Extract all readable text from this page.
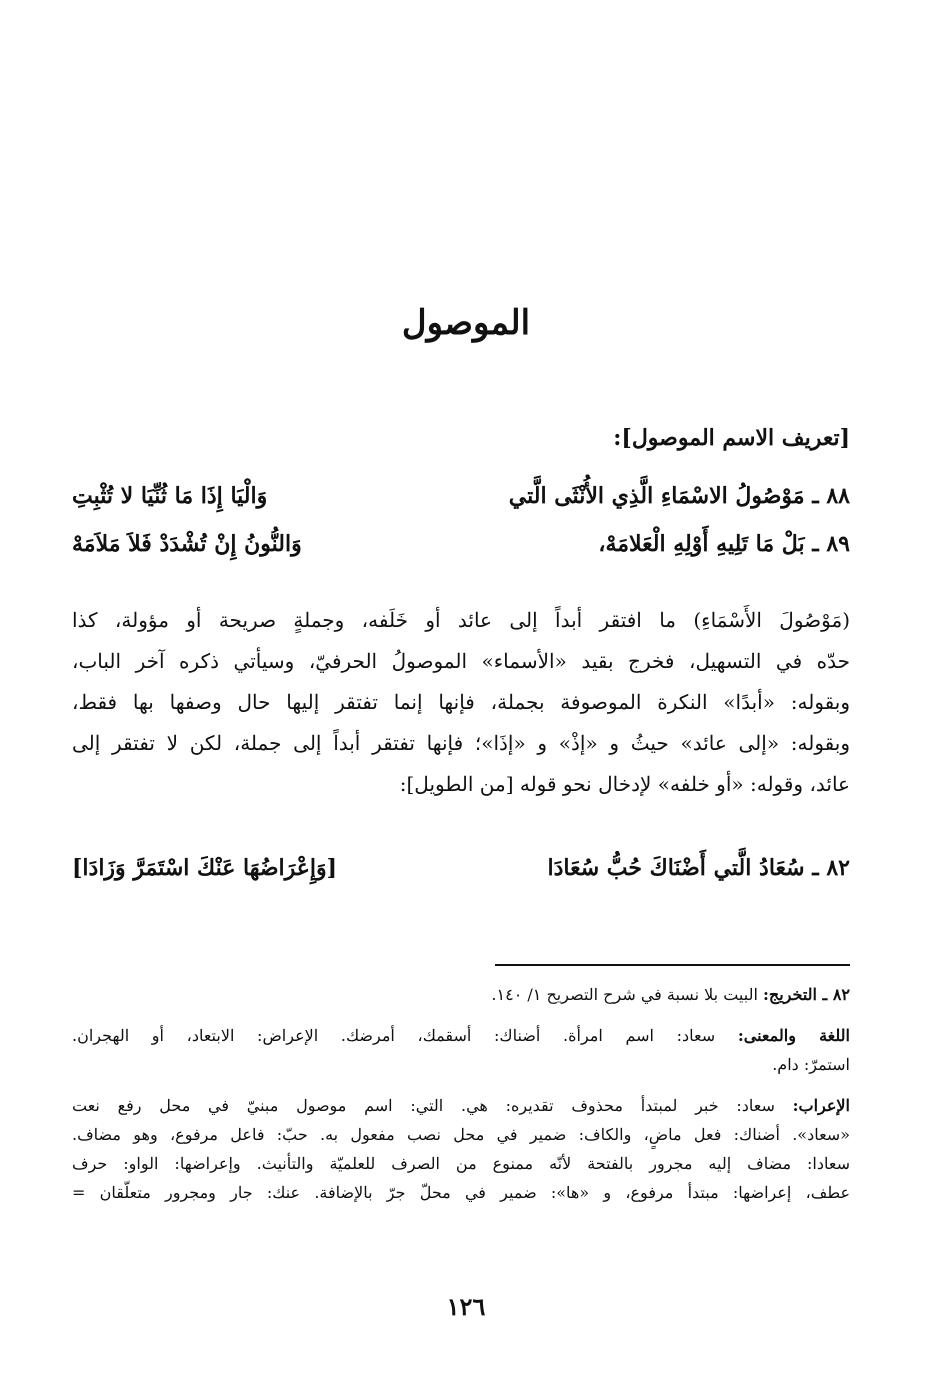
الموصول
[تعريف الاسم الموصول]:
٨٨ ـ مَوْصُولُ الاسْمَاءِ الَّذِي الأُنْثَى الَّتي
وَالْيَا إِذَا مَا ثُنِّيَا لا تُثْبِتِ
٨٩ ـ بَلْ مَا تَلِيهِ أَوْلِهِ الْعَلامَهْ،
وَالنُّونُ إِنْ تُشْدَدْ فَلاَ مَلاَمَهْ

(مَوْصُولَ الأَسْمَاءِ) ما افتقر أبداً إلى عائد أو خَلَفه، وجملةٍ صريحة أو مؤولة، كذا

حدّه في التسهيل، فخرج بقيد «الأسماء» الموصولُ الحرفيّ، وسيأتي ذكره آخر الباب،

وبقوله: «أبدًا» النكرة الموصوفة بجملة، فإنها إنما تفتقر إليها حال وصفها بها فقط،

وبقوله: «إلى عائد» حيثُ و «إذْ» و «إذَا»؛ فإنها تفتقر أبداً إلى جملة، لكن لا تفتقر إلى

عائد، وقوله: «أو خلفه» لإدخال نحو قوله [من الطويل]:

٨٢ ـ سُعَادُ الَّتي أَضْنَاكَ حُبُّ سُعَادَا
[وَإِعْرَاضُهَا عَنْكَ اسْتَمَرَّ وَزَادَا]

٨٢ ـ التخريج: البيت بلا نسبة في شرح التصريح ١/ ١٤٠.

اللغة والمعنى: سعاد: اسم امرأة. أضناك: أسقمك، أمرضك. الإعراض: الابتعاد، أو الهجران.

استمرّ: دام.

الإعراب: سعاد: خبر لمبتدأ محذوف تقديره: هي. التي: اسم موصول مبنيّ في محل رفع نعت

«سعاد». أضناك: فعل ماضٍ، والكاف: ضمير في محل نصب مفعول به. حبّ: فاعل مرفوع، وهو مضاف.

سعادا: مضاف إليه مجرور بالفتحة لأنّه ممنوع من الصرف للعلميّة والتأنيث. وإعراضها: الواو: حرف

عطف، إعراضها: مبتدأ مرفوع، و «ها»: ضمير في محلّ جرّ بالإضافة. عنك: جار ومجرور متعلّقان =

١٢٦
